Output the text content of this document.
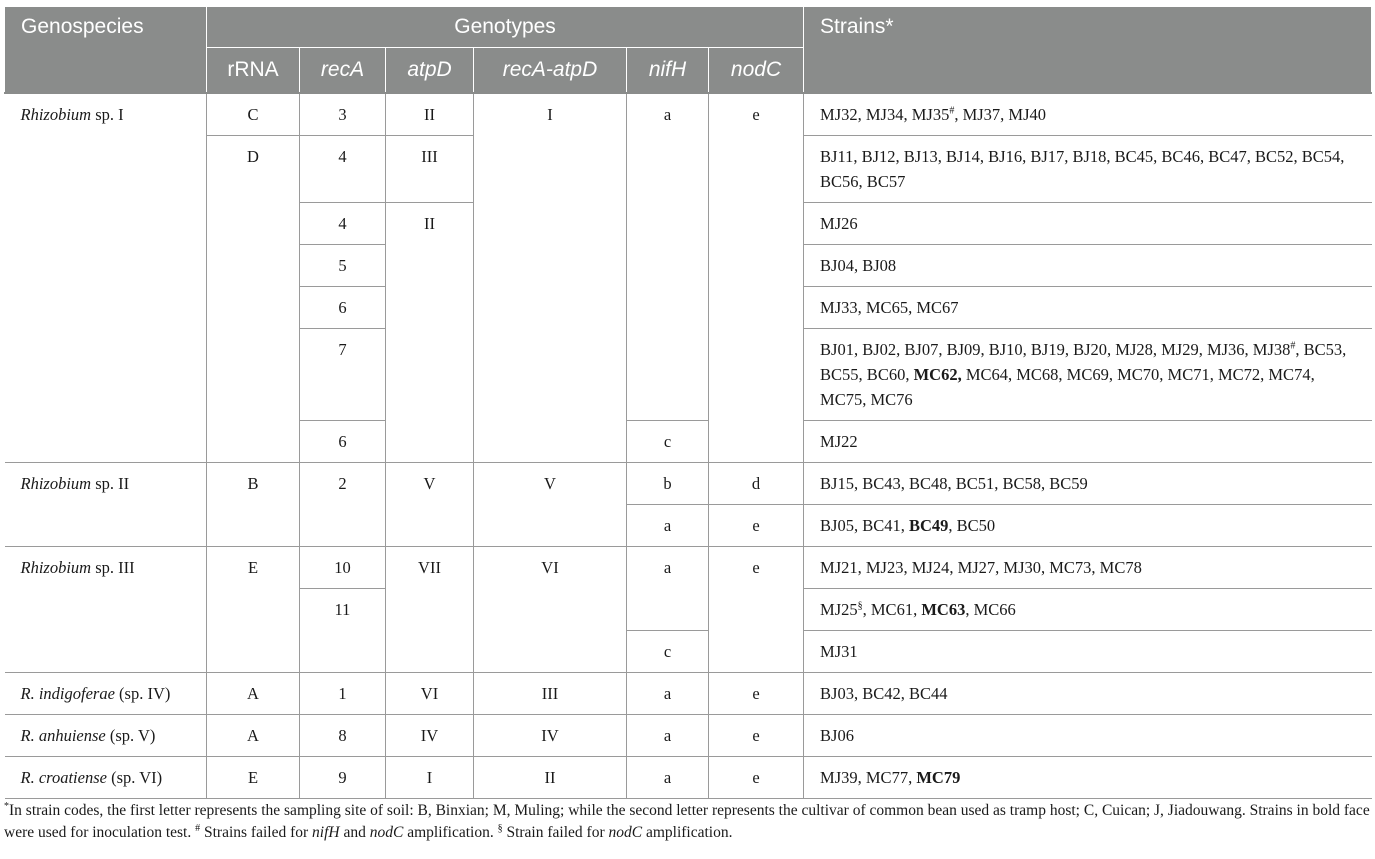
Genospecies	Genotypes						Strains*
	rRNA	recA	atpD	recA-atpD	nifH	nodC	
Rhizobium sp. I	C	3	II	I	a	e	MJ32, MJ34, MJ35#, MJ37, MJ40
	D	4	III				BJ11, BJ12, BJ13, BJ14, BJ16, BJ17, BJ18, BC45, BC46, BC47, BC52, BC54, BC56, BC57
		4	II				MJ26
		5					BJ04, BJ08
		6					MJ33, MC65, MC67
		7					BJ01, BJ02, BJ07, BJ09, BJ10, BJ19, BJ20, MJ28, MJ29, MJ36, MJ38#, BC53, BC55, BC60, MC62, MC64, MC68, MC69, MC70, MC71, MC72, MC74, MC75, MC76
		6			c		MJ22
Rhizobium sp. II	B	2	V	V	b	d	BJ15, BC43, BC48, BC51, BC58, BC59
					a	e	BJ05, BC41, BC49, BC50
Rhizobium sp. III	E	10	VII	VI	a	e	MJ21, MJ23, MJ24, MJ27, MJ30, MC73, MC78
		11					MJ25§, MC61, MC63, MC66
					c		MJ31
R. indigoferae (sp. IV)	A	1	VI	III	a	e	BJ03, BC42, BC44
R. anhuiense (sp. V)	A	8	IV	IV	a	e	BJ06
R. croatiense (sp. VI)	E	9	I	II	a	e	MJ39, MC77, MC79
*In strain codes, the first letter represents the sampling site of soil: B, Binxian; M, Muling; while the second letter represents the cultivar of common bean used as tramp host; C, Cuican; J, Jiadouwang. Strains in bold face were used for inoculation test. # Strains failed for nifH and nodC amplification. § Strain failed for nodC amplification.
